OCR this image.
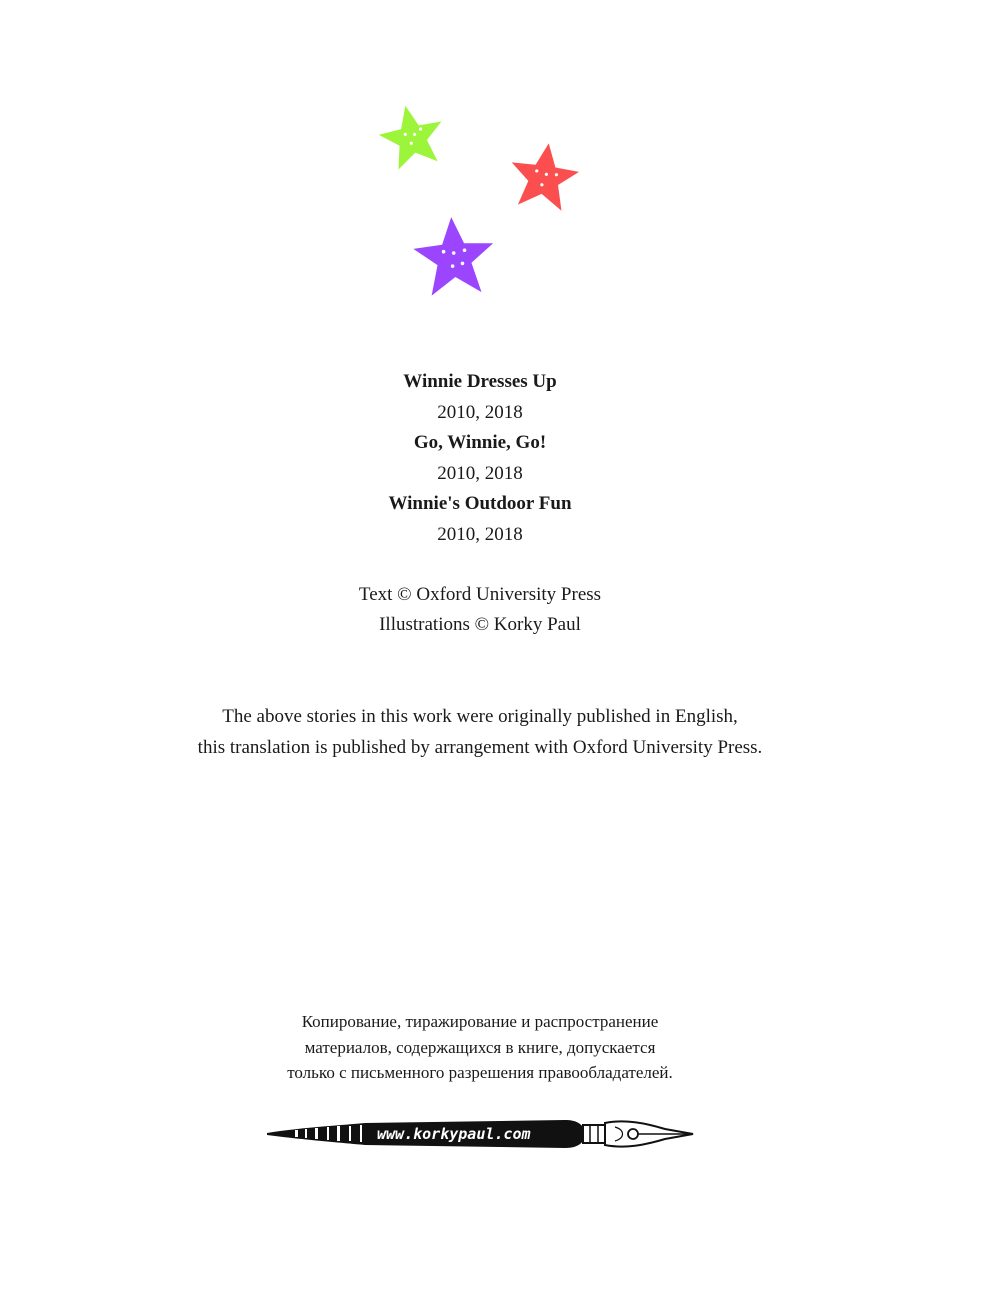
Winnie Dresses Up
2010, 2018
Go, Winnie, Go!
2010, 2018
Winnie's Outdoor Fun
2010, 2018
Text © Oxford University Press
Illustrations © Korky Paul
The above stories in this work were originally published in English,
this translation is published by arrangement with Oxford University Press.
Копирование, тиражирование и распространение
материалов, содержащихся в книге, допускается
только с письменного разрешения правообладателей.
www.korkypaul.com
